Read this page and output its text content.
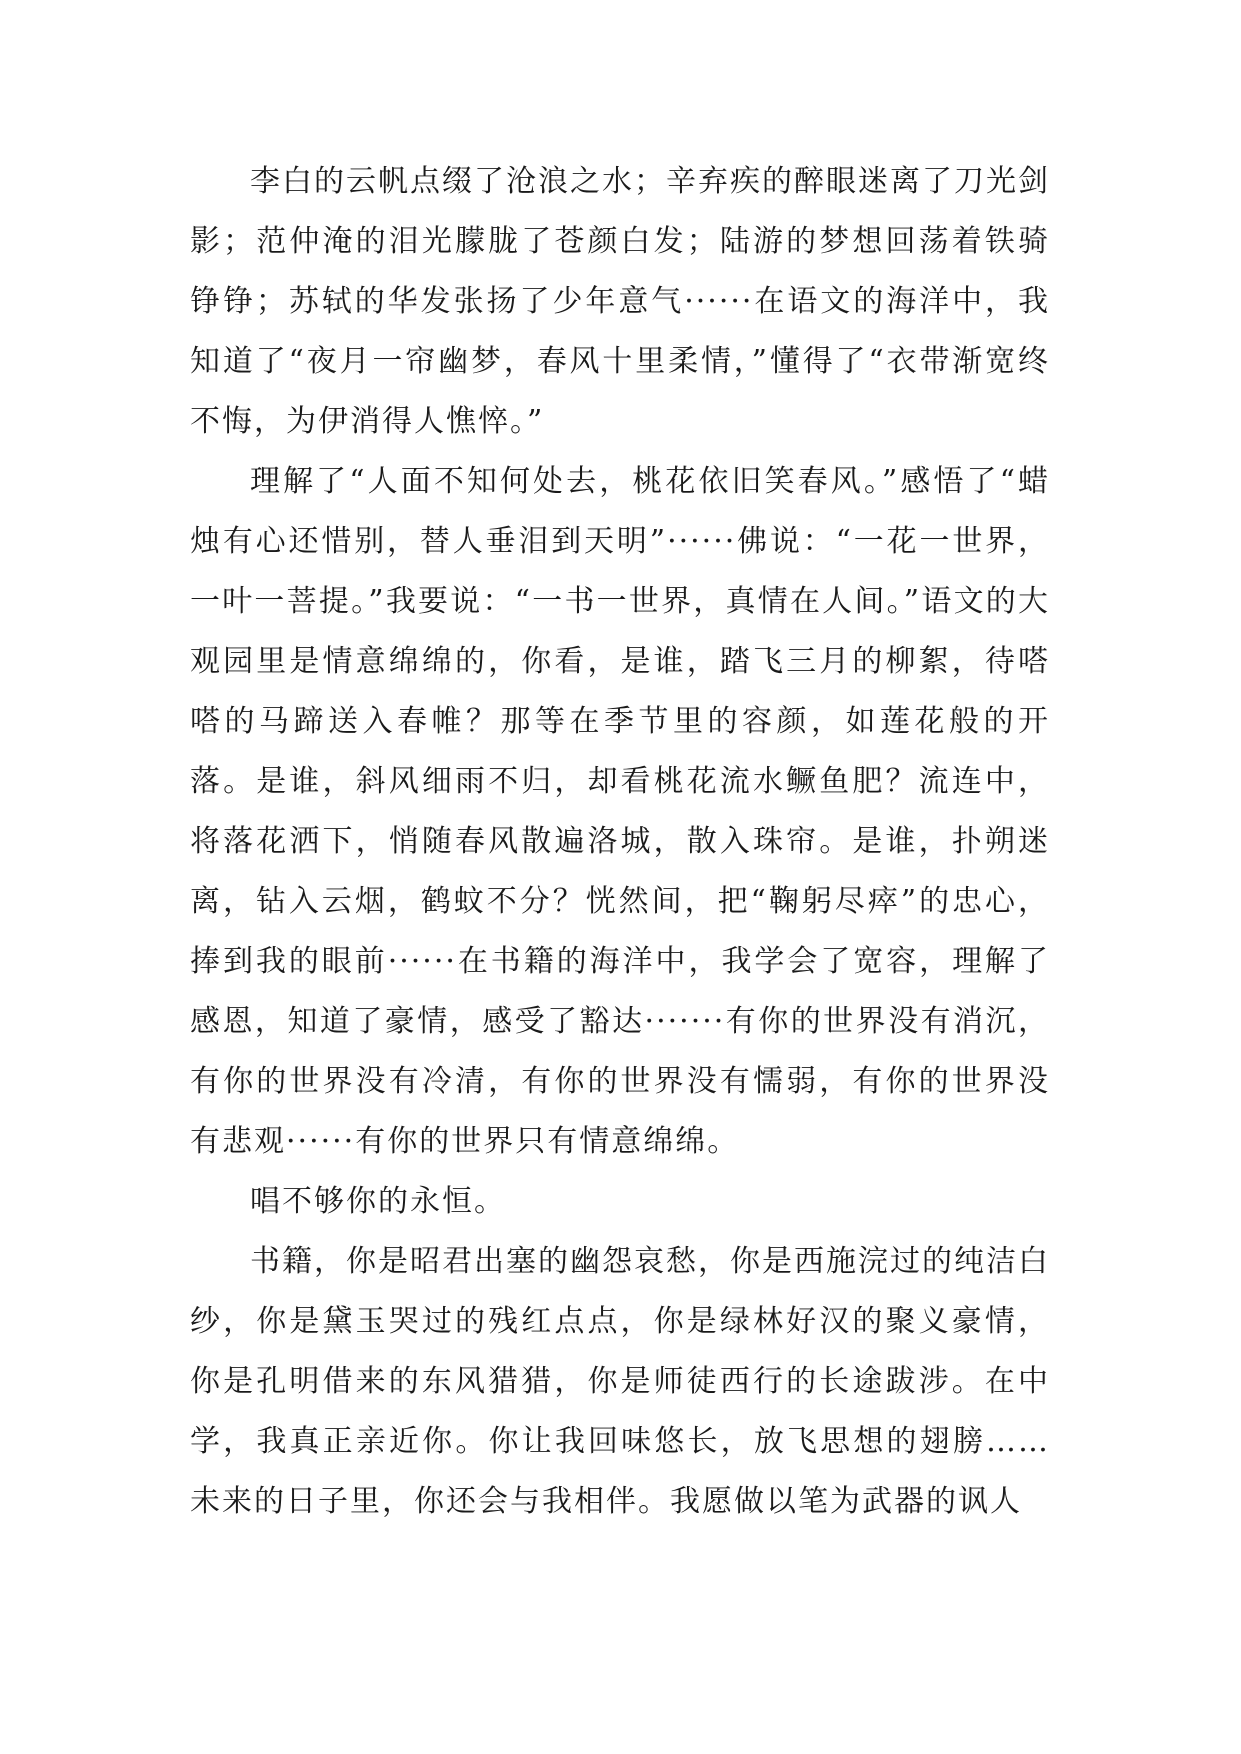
李白的云帆点缀了沧浪之水；辛弃疾的醉眼迷离了刀光剑影；范仲淹的泪光朦胧了苍颜白发；陆游的梦想回荡着铁骑铮铮；苏轼的华发张扬了少年意气······在语文的海洋中，我知道了“夜月一帘幽梦，春风十里柔情，”懂得了“衣带渐宽终不悔，为伊消得人憔悴。”

理解了“人面不知何处去，桃花依旧笑春风。”感悟了“蜡烛有心还惜别，替人垂泪到天明”······佛说：“一花一世界，一叶一菩提。”我要说：“一书一世界，真情在人间。”语文的大观园里是情意绵绵的，你看，是谁，踏飞三月的柳絮，待嗒嗒的马蹄送入春帷？那等在季节里的容颜，如莲花般的开落。是谁，斜风细雨不归，却看桃花流水鳜鱼肥？流连中，将落花洒下，悄随春风散遍洛城，散入珠帘。是谁，扑朔迷离，钻入云烟，鹤蚊不分？恍然间，把“鞠躬尽瘁”的忠心，捧到我的眼前······在书籍的海洋中，我学会了宽容，理解了感恩，知道了豪情，感受了豁达·······有你的世界没有消沉，有你的世界没有冷清，有你的世界没有懦弱，有你的世界没有悲观······有你的世界只有情意绵绵。

唱不够你的永恒。

书籍，你是昭君出塞的幽怨哀愁，你是西施浣过的纯洁白纱，你是黛玉哭过的残红点点，你是绿林好汉的聚义豪情，你是孔明借来的东风猎猎，你是师徒西行的长途跋涉。在中学，我真正亲近你。你让我回味悠长，放飞思想的翅膀……未来的日子里，你还会与我相伴。我愿做以笔为武器的讽人
